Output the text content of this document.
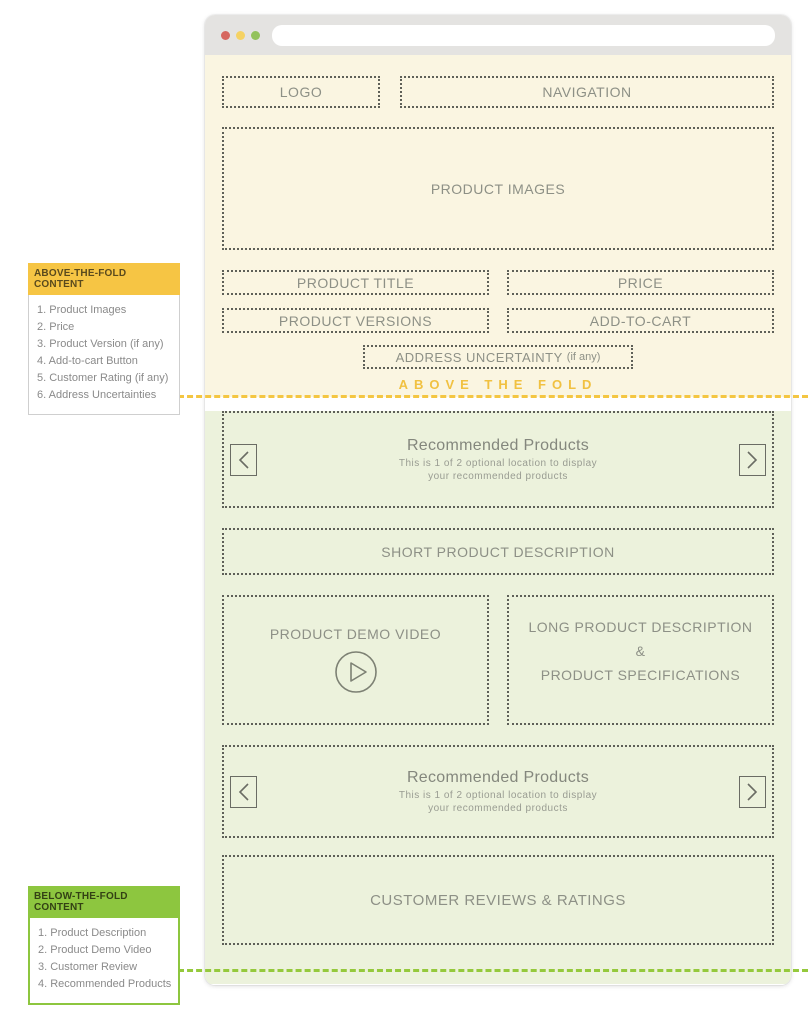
LOGO	NAVIGATION
PRODUCT IMAGES
PRODUCT TITLE	PRICE
PRODUCT VERSIONS	ADD-TO-CART
ADDRESS UNCERTAINTY (if any)
ABOVE THE FOLD
Recommended Products
This is 1 of 2 optional location to display
your recommended products
SHORT PRODUCT DESCRIPTION
PRODUCT DEMO VIDEO	LONG PRODUCT DESCRIPTION
&
PRODUCT SPECIFICATIONS
Recommended Products
This is 1 of 2 optional location to display
your recommended products
CUSTOMER REVIEWS & RATINGS
ABOVE-THE-FOLD CONTENT
1. Product Images
2. Price
3. Product Version (if any)
4. Add-to-cart Button
5. Customer Rating (if any)
6. Address Uncertainties
BELOW-THE-FOLD CONTENT
1. Product Description
2. Product Demo Video
3. Customer Review
4. Recommended Products
